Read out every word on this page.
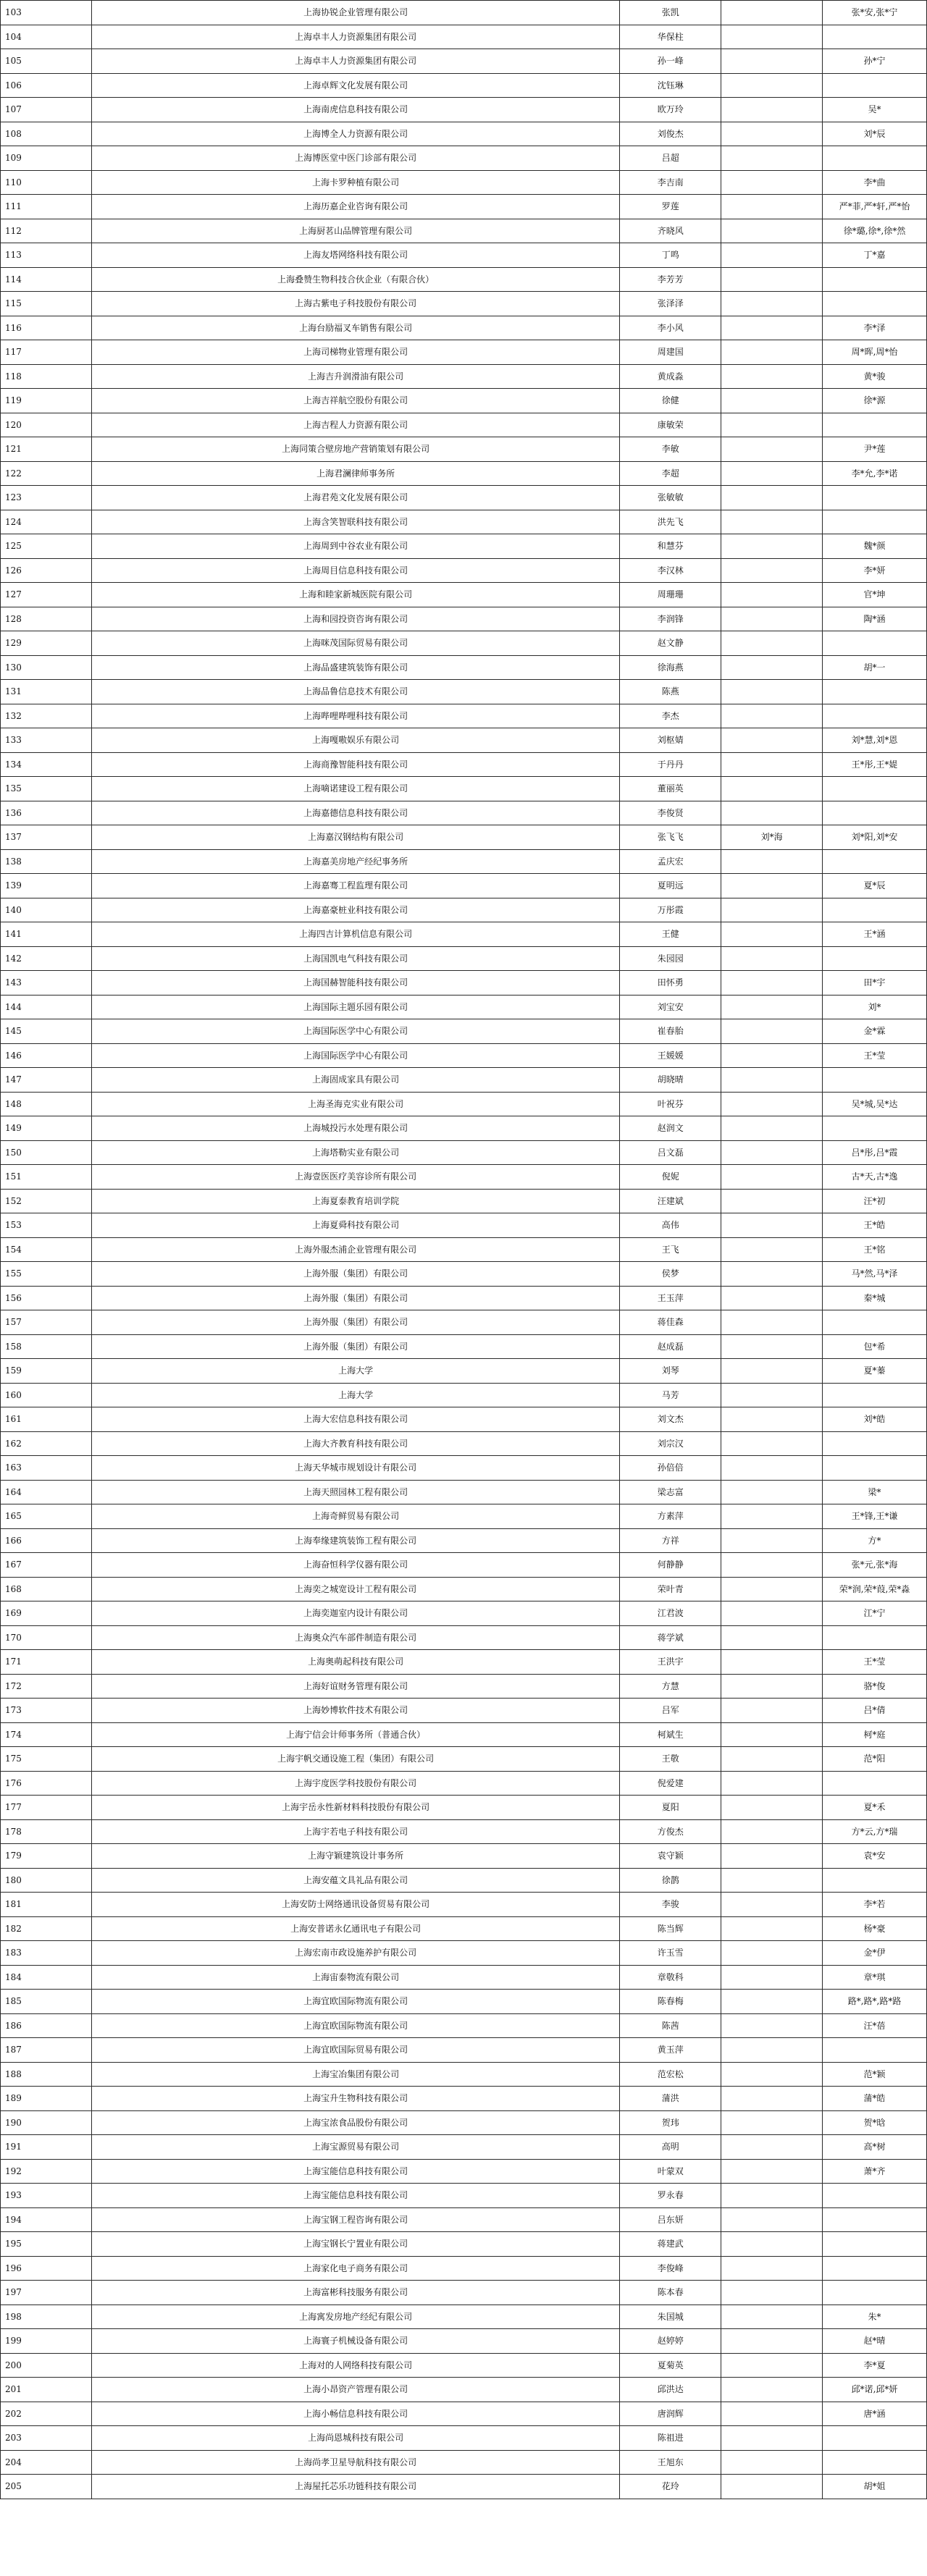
103	上海协锐企业管理有限公司	张凯		张*安,张*宁
104	上海卓丰人力资源集团有限公司	华保柱		
105	上海卓丰人力资源集团有限公司	孙一峰		孙*宁
106	上海卓辉文化发展有限公司	沈钰琳		
107	上海南虎信息科技有限公司	欧万玲		吴*
108	上海博全人力资源有限公司	刘俊杰		刘*辰
109	上海博医堂中医门诊部有限公司	吕超		
110	上海卡罗种植有限公司	李吉南		李*曲
111	上海历嘉企业咨询有限公司	罗莲		严*菲,严*轩,严*怡
112	上海厨茗山品牌管理有限公司	齐晓风		徐*璐,徐*,徐*然
113	上海友塔网络科技有限公司	丁鸣		丁*嘉
114	上海叠赞生物科技合伙企业（有限合伙）	李芳芳		
115	上海古紫电子科技股份有限公司	张泽泽		
116	上海台励福叉车销售有限公司	李小风		李*泽
117	上海司梯物业管理有限公司	周建国		周*晖,周*怡
118	上海吉升润滑油有限公司	黄成淼		黄*骏
119	上海吉祥航空股份有限公司	徐健		徐*源
120	上海吉程人力资源有限公司	康敏荣		
121	上海同策合壁房地产营销策划有限公司	李敏		尹*莲
122	上海君澜律师事务所	李超		李*允,李*诺
123	上海君苑文化发展有限公司	张敏敏		
124	上海含笑智联科技有限公司	洪先飞		
125	上海周到中谷农业有限公司	和慧芬		魏*颜
126	上海周目信息科技有限公司	李汉林		李*妍
127	上海和睦家新城医院有限公司	周珊珊		官*坤
128	上海和园投资咨询有限公司	李润锋		陶*涵
129	上海咪茂国际贸易有限公司	赵文静		
130	上海品盛建筑装饰有限公司	徐海燕		胡*一
131	上海品鲁信息技术有限公司	陈燕		
132	上海哔哩哔哩科技有限公司	李杰		
133	上海嘎嗷娱乐有限公司	刘枢婧		刘*慧,刘*恩
134	上海商豫智能科技有限公司	于丹丹		王*彤,王*媞
135	上海嘀诺建设工程有限公司	董丽英		
136	上海嘉德信息科技有限公司	李俊贤		
137	上海嘉汉钢结构有限公司	张飞飞	刘*海	刘*阳,刘*安
138	上海嘉美房地产经纪事务所	孟庆宏		
139	上海嘉骞工程监理有限公司	夏明远		夏*辰
140	上海嘉豪桩业科技有限公司	万彤霞		
141	上海四吉计算机信息有限公司	王健		王*涵
142	上海国凯电气科技有限公司	朱园园		
143	上海国赫智能科技有限公司	田怀勇		田*宇
144	上海国际主题乐园有限公司	刘宝安		刘*
145	上海国际医学中心有限公司	崔春胎		金*霖
146	上海国际医学中心有限公司	王媛媛		王*莹
147	上海固成家具有限公司	胡晓晴		
148	上海圣海克实业有限公司	叶祝芬		吴*城,吴*达
149	上海城投污水处理有限公司	赵润文		
150	上海塔勒实业有限公司	吕文磊		吕*彤,吕*霞
151	上海壹医医疗美容诊所有限公司	倪妮		古*天,古*逸
152	上海夏泰教育培训学院	汪建斌		汪*初
153	上海夏舜科技有限公司	高伟		王*皓
154	上海外服杰浦企业管理有限公司	王飞		王*铭
155	上海外服（集团）有限公司	侯梦		马*然,马*泽
156	上海外服（集团）有限公司	王玉萍		秦*城
157	上海外服（集团）有限公司	蒋佳森		
158	上海外服（集团）有限公司	赵成磊		包*希
159	上海大学	刘琴		夏*蓁
160	上海大学	马芳		
161	上海大宏信息科技有限公司	刘文杰		刘*皓
162	上海大齐教育科技有限公司	刘宗汉		
163	上海天华城市规划设计有限公司	孙倍倍		
164	上海天照园林工程有限公司	梁志富		梁*
165	上海奇鲜贸易有限公司	方素萍		王*锋,王*谦
166	上海奉缘建筑装饰工程有限公司	方祥		方*
167	上海奋恒科学仪器有限公司	何静静		张*元,张*海
168	上海奕之城宽设计工程有限公司	荣叶青		荣*润,荣*葭,荣*淼
169	上海奕迦室内设计有限公司	江君波		江*宁
170	上海奥众汽车部件制造有限公司	蒋学斌		
171	上海奥萌起科技有限公司	王洪宇		王*莹
172	上海好谊财务管理有限公司	方慧		骆*俊
173	上海妙博软件技术有限公司	吕军		吕*倩
174	上海宁信会计师事务所（普通合伙）	柯斌生		柯*庭
175	上海宇帆交通设施工程（集团）有限公司	王敬		范*阳
176	上海宇度医学科技股份有限公司	倪爱建		
177	上海宇岳永性新材料科技股份有限公司	夏阳		夏*禾
178	上海宇若电子科技有限公司	方俊杰		方*云,方*瑞
179	上海守颖建筑设计事务所	袁守颖		袁*安
180	上海安蕴文具礼品有限公司	徐鹊		
181	上海安防士网络通讯设备贸易有限公司	李骏		李*若
182	上海安普诺永亿通讯电子有限公司	陈当辉		杨*豪
183	上海宏南市政设施养护有限公司	许玉雪		金*伊
184	上海宙泰物流有限公司	章敬科		章*琪
185	上海宜欧国际物流有限公司	陈春梅		路*,路*,路*路
186	上海宜欧国际物流有限公司	陈茜		汪*蓓
187	上海宜欧国际贸易有限公司	黄玉萍		
188	上海宝冶集团有限公司	范宏松		范*颖
189	上海宝升生物科技有限公司	蒲洪		蒲*皓
190	上海宝浓食品股份有限公司	贺玮		贺*晗
191	上海宝源贸易有限公司	高明		高*树
192	上海宝能信息科技有限公司	叶蒙双		萧*齐
193	上海宝能信息科技有限公司	罗永春		
194	上海宝钢工程咨询有限公司	吕东妍		
195	上海宝钢长宁置业有限公司	蒋建武		
196	上海家化电子商务有限公司	李俊峰		
197	上海富彬科技服务有限公司	陈本春		
198	上海寓发房地产经纪有限公司	朱国城		朱*
199	上海寰子机械设备有限公司	赵婷婷		赵*晴
200	上海对的人网络科技有限公司	夏菊英		李*夏
201	上海小昂资产管理有限公司	邱洪达		邱*诺,邱*妍
202	上海小畅信息科技有限公司	唐润辉		唐*涵
203	上海尚恩城科技有限公司	陈祖进		
204	上海尚孝卫星导航科技有限公司	王旭东		
205	上海屋托芯乐功链科技有限公司	花玲		胡*姐
